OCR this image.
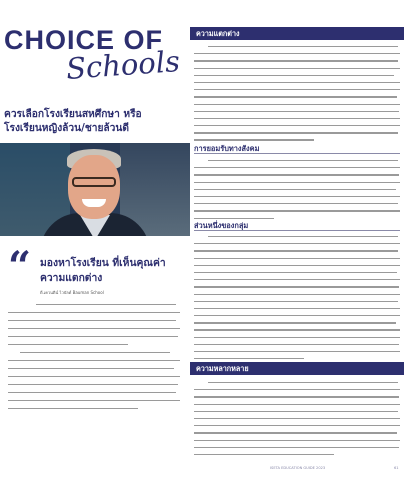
CHOICE OF
Schools
ควรเลือกโรงเรียนสหศึกษา หรือ โรงเรียนหญิงล้วน/ชายล้วนดี
“ มองหาโรงเรียน ที่เห็นคุณค่าความแตกต่าง
ดี.เควนติน์ ไวบัลด์ Bauman School
ความแตกต่าง
การยอมรับทางสังคม
ส่วนหนึ่งของกลุ่ม
ความหลากหลาย
ISETA EDUCATION GUIDE 2023	61
